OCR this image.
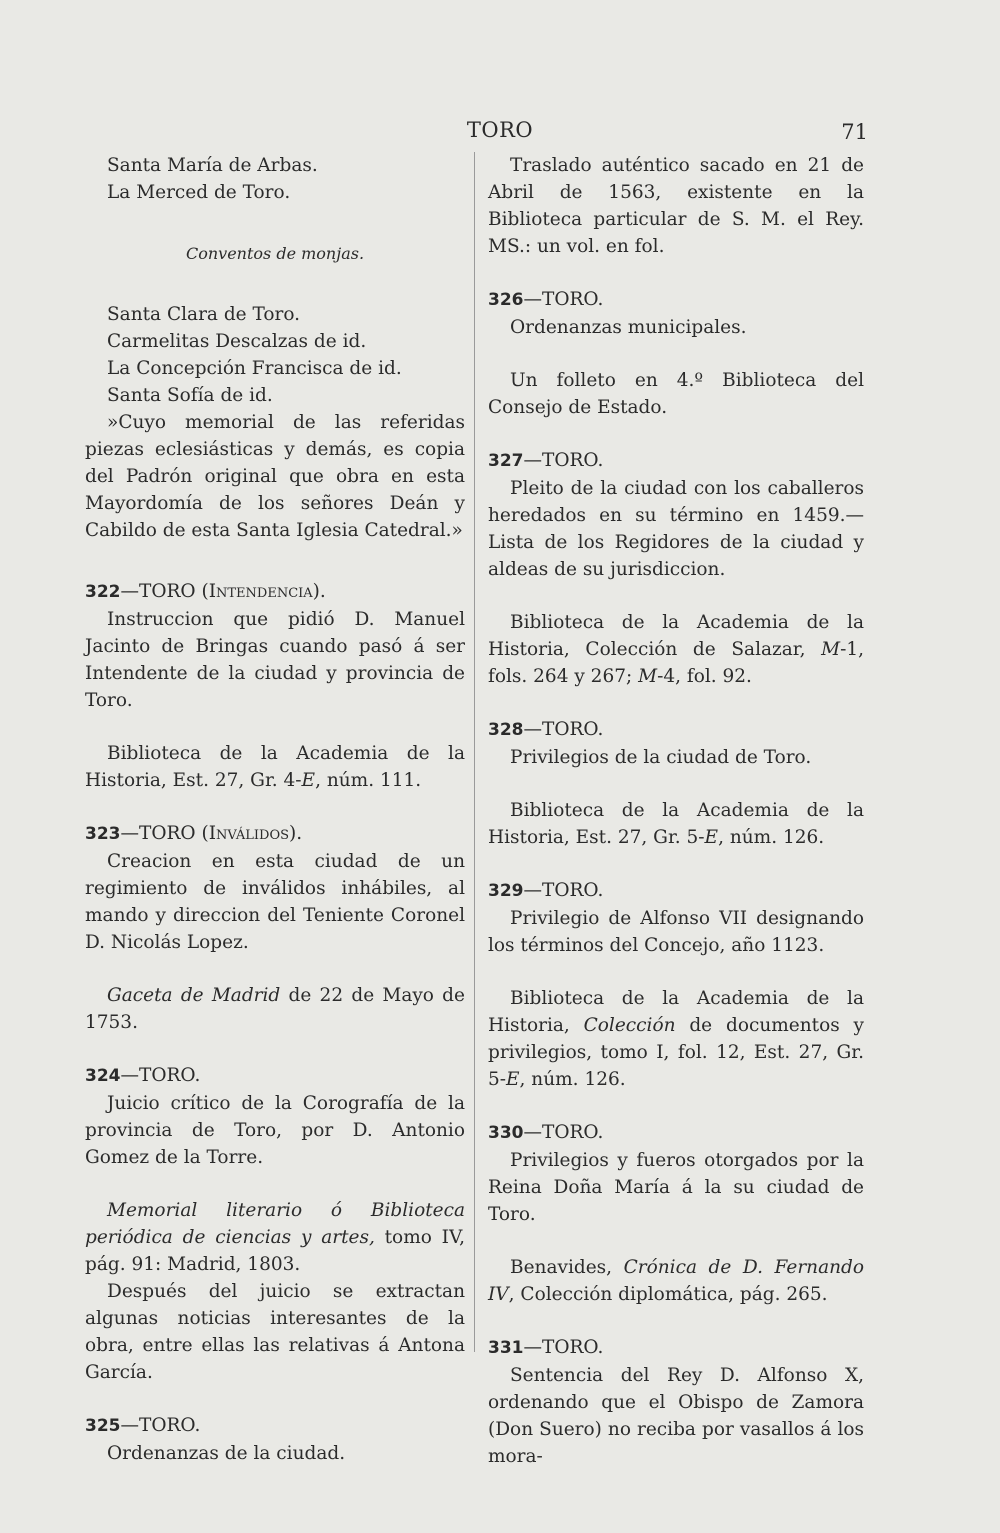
TORO	71

Santa María de Arbas.

La Merced de Toro.

Conventos de monjas.

Santa Clara de Toro.

Carmelitas Descalzas de id.

La Concepción Francisca de id.

Santa Sofía de id.

»Cuyo memorial de las referidas piezas eclesiásticas y demás, es copia del Padrón original que obra en esta Mayordomía de los señores Deán y Cabildo de esta Santa Iglesia Catedral.»

322—TORO (Intendencia).

Instruccion que pidió D. Manuel Jacinto de Bringas cuando pasó á ser Intendente de la ciudad y provincia de Toro.

Biblioteca de la Academia de la Historia, Est. 27, Gr. 4-E, núm. 111.

323—TORO (Inválidos).

Creacion en esta ciudad de un regimiento de inválidos inhábiles, al mando y direccion del Teniente Coronel D. Nicolás Lopez.

Gaceta de Madrid de 22 de Mayo de 1753.

324—TORO.

Juicio crítico de la Corografía de la provincia de Toro, por D. Antonio Gomez de la Torre.

Memorial literario ó Biblioteca periódica de ciencias y artes, tomo IV, pág. 91: Madrid, 1803.

Después del juicio se extractan algunas noticias interesantes de la obra, entre ellas las relativas á Antona García.

325—TORO.

Ordenanzas de la ciudad.

Traslado auténtico sacado en 21 de Abril de 1563, existente en la Biblioteca particular de S. M. el Rey. MS.: un vol. en fol.

326—TORO.

Ordenanzas municipales.

Un folleto en 4.º Biblioteca del Consejo de Estado.

327—TORO.

Pleito de la ciudad con los caballeros heredados en su término en 1459.—Lista de los Regidores de la ciudad y aldeas de su jurisdiccion.

Biblioteca de la Academia de la Historia, Colección de Salazar, M-1, fols. 264 y 267; M-4, fol. 92.

328—TORO.

Privilegios de la ciudad de Toro.

Biblioteca de la Academia de la Historia, Est. 27, Gr. 5-E, núm. 126.

329—TORO.

Privilegio de Alfonso VII designando los términos del Concejo, año 1123.

Biblioteca de la Academia de la Historia, Colección de documentos y privilegios, tomo I, fol. 12, Est. 27, Gr. 5-E, núm. 126.

330—TORO.

Privilegios y fueros otorgados por la Reina Doña María á la su ciudad de Toro.

Benavides, Crónica de D. Fernando IV, Colección diplomática, pág. 265.

331—TORO.

Sentencia del Rey D. Alfonso X, ordenando que el Obispo de Zamora (Don Suero) no reciba por vasallos á los mora-
